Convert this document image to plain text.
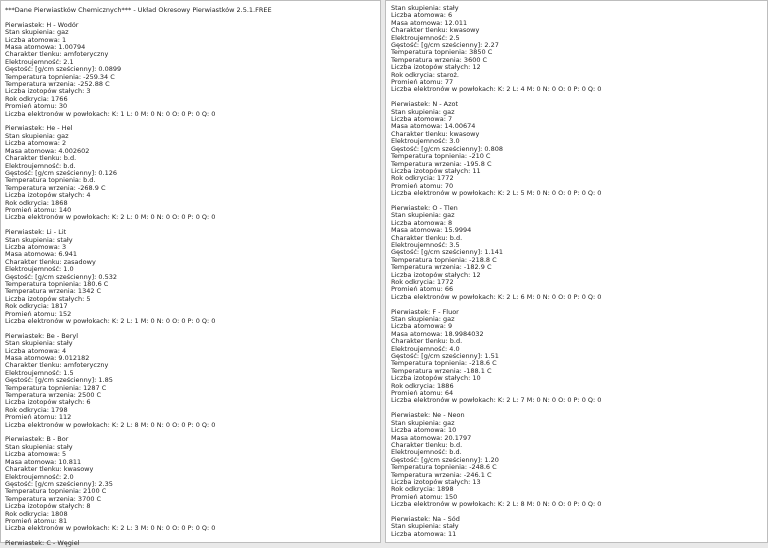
***Dane Pierwiastków Chemicznych*** - Układ Okresowy Pierwiastków 2.5.1.FREE
Pierwiastek: H - Wodór
Stan skupienia: gaz
Liczba atomowa: 1
Masa atomowa: 1.00794
Charakter tlenku: amfoteryczny
Elektroujemność: 2.1
Gęstość: [g/cm sześcienny]: 0.0899
Temperatura topnienia: -259.34 C
Temperatura wrzenia: -252.88 C
Liczba izotopów stałych: 3
Rok odkrycia: 1766
Promień atomu: 30
Liczba elektronów w powłokach: K: 1 L: 0 M: 0 N: 0 O: 0 P: 0 Q: 0
Pierwiastek: He - Hel
Stan skupienia: gaz
Liczba atomowa: 2
Masa atomowa: 4.002602
Charakter tlenku: b.d.
Elektroujemność: b.d.
Gęstość: [g/cm sześcienny]: 0.126
Temperatura topnienia: b.d.
Temperatura wrzenia: -268.9 C
Liczba izotopów stałych: 4
Rok odkrycia: 1868
Promień atomu: 140
Liczba elektronów w powłokach: K: 2 L: 0 M: 0 N: 0 O: 0 P: 0 Q: 0
Pierwiastek: Li - Lit
Stan skupienia: stały
Liczba atomowa: 3
Masa atomowa: 6.941
Charakter tlenku: zasadowy
Elektroujemność: 1.0
Gęstość: [g/cm sześcienny]: 0.532
Temperatura topnienia: 180.6 C
Temperatura wrzenia: 1342 C
Liczba izotopów stałych: 5
Rok odkrycia: 1817
Promień atomu: 152
Liczba elektronów w powłokach: K: 2 L: 1 M: 0 N: 0 O: 0 P: 0 Q: 0
Pierwiastek: Be - Beryl
Stan skupienia: stały
Liczba atomowa: 4
Masa atomowa: 9.012182
Charakter tlenku: amfoteryczny
Elektroujemność: 1.5
Gęstość: [g/cm sześcienny]: 1.85
Temperatura topnienia: 1287 C
Temperatura wrzenia: 2500 C
Liczba izotopów stałych: 6
Rok odkrycia: 1798
Promień atomu: 112
Liczba elektronów w powłokach: K: 2 L: 8 M: 0 N: 0 O: 0 P: 0 Q: 0
Pierwiastek: B - Bor
Stan skupienia: stały
Liczba atomowa: 5
Masa atomowa: 10.811
Charakter tlenku: kwasowy
Elektroujemność: 2.0
Gęstość: [g/cm sześcienny]: 2.35
Temperatura topnienia: 2100 C
Temperatura wrzenia: 3700 C
Liczba izotopów stałych: 8
Rok odkrycia: 1808
Promień atomu: 81
Liczba elektronów w powłokach: K: 2 L: 3 M: 0 N: 0 O: 0 P: 0 Q: 0
Pierwiastek: C - Węgiel
Stan skupienia: stały
Liczba atomowa: 6
Masa atomowa: 12.011
Charakter tlenku: kwasowy
Elektroujemność: 2.5
Gęstość: [g/cm sześcienny]: 2.27
Temperatura topnienia: 3850 C
Temperatura wrzenia: 3600 C
Liczba izotopów stałych: 12
Rok odkrycia: staroż.
Promień atomu: 77
Liczba elektronów w powłokach: K: 2 L: 4 M: 0 N: 0 O: 0 P: 0 Q: 0
Pierwiastek: N - Azot
Stan skupienia: gaz
Liczba atomowa: 7
Masa atomowa: 14.00674
Charakter tlenku: kwasowy
Elektroujemność: 3.0
Gęstość: [g/cm sześcienny]: 0.808
Temperatura topnienia: -210 C
Temperatura wrzenia: -195.8 C
Liczba izotopów stałych: 11
Rok odkrycia: 1772
Promień atomu: 70
Liczba elektronów w powłokach: K: 2 L: 5 M: 0 N: 0 O: 0 P: 0 Q: 0
Pierwiastek: O - Tlen
Stan skupienia: gaz
Liczba atomowa: 8
Masa atomowa: 15.9994
Charakter tlenku: b.d.
Elektroujemność: 3.5
Gęstość: [g/cm sześcienny]: 1.141
Temperatura topnienia: -218.8 C
Temperatura wrzenia: -182.9 C
Liczba izotopów stałych: 12
Rok odkrycia: 1772
Promień atomu: 66
Liczba elektronów w powłokach: K: 2 L: 6 M: 0 N: 0 O: 0 P: 0 Q: 0
Pierwiastek: F - Fluor
Stan skupienia: gaz
Liczba atomowa: 9
Masa atomowa: 18.9984032
Charakter tlenku: b.d.
Elektroujemność: 4.0
Gęstość: [g/cm sześcienny]: 1.51
Temperatura topnienia: -218.6 C
Temperatura wrzenia: -188.1 C
Liczba izotopów stałych: 10
Rok odkrycia: 1886
Promień atomu: 64
Liczba elektronów w powłokach: K: 2 L: 7 M: 0 N: 0 O: 0 P: 0 Q: 0
Pierwiastek: Ne - Neon
Stan skupienia: gaz
Liczba atomowa: 10
Masa atomowa: 20.1797
Charakter tlenku: b.d.
Elektroujemność: b.d.
Gęstość: [g/cm sześcienny]: 1.20
Temperatura topnienia: -248.6 C
Temperatura wrzenia: -246.1 C
Liczba izotopów stałych: 13
Rok odkrycia: 1898
Promień atomu: 150
Liczba elektronów w powłokach: K: 2 L: 8 M: 0 N: 0 O: 0 P: 0 Q: 0
Pierwiastek: Na - Sód
Stan skupienia: stały
Liczba atomowa: 11
